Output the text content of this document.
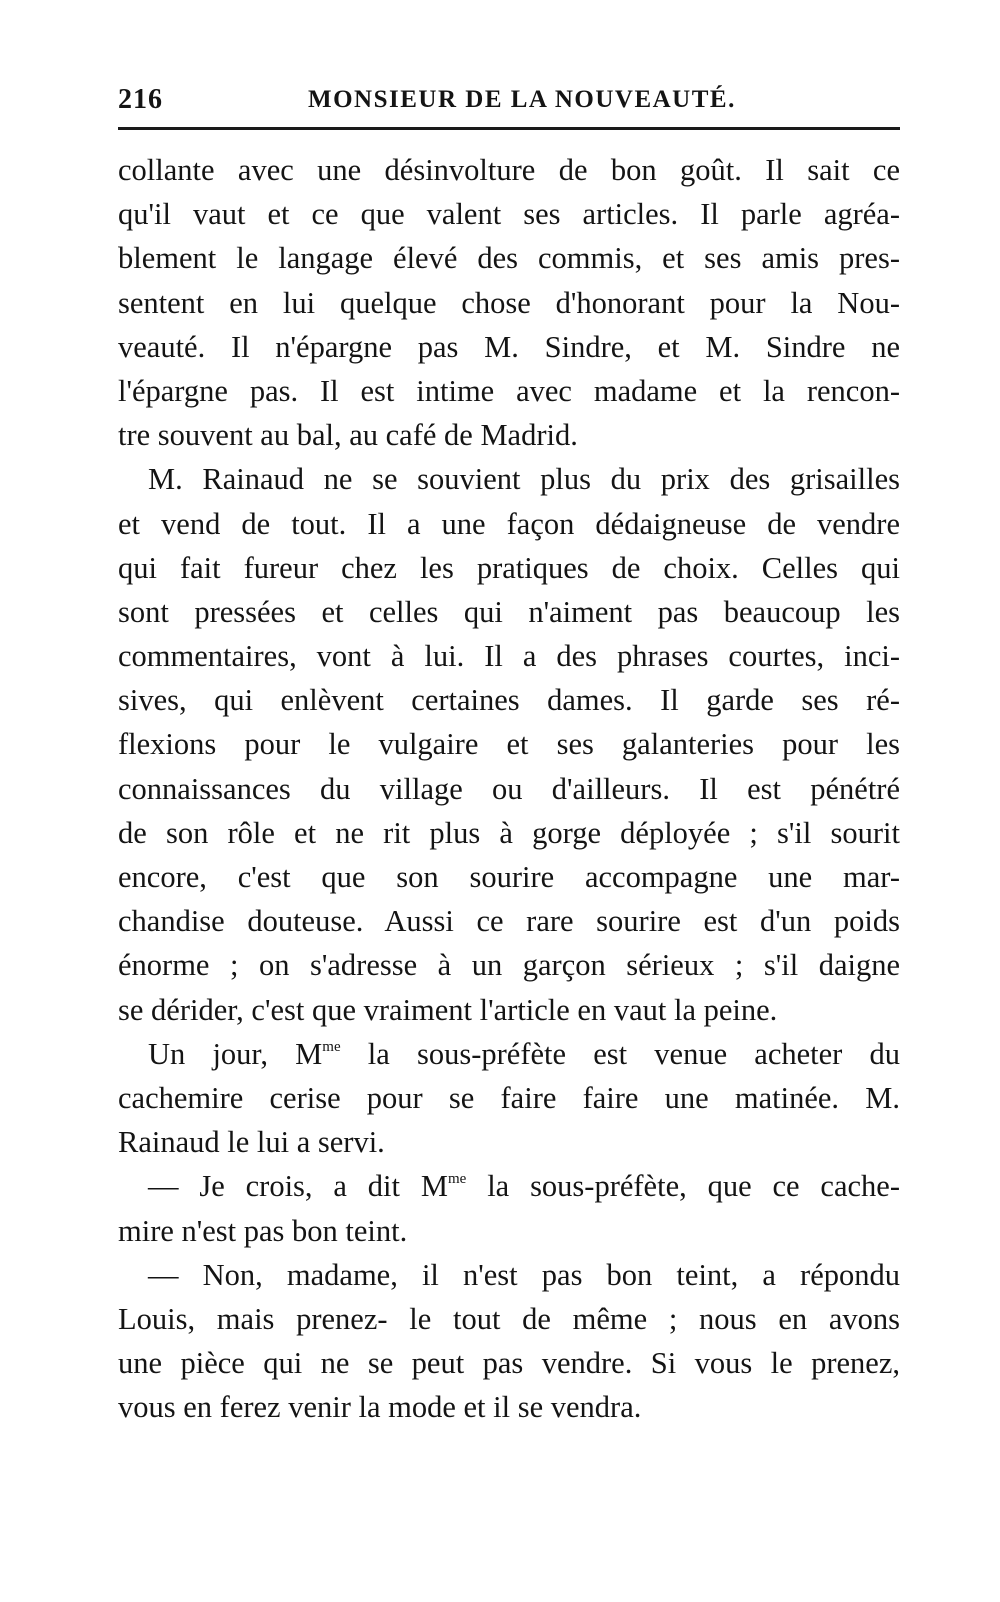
216	MONSIEUR DE LA NOUVEAUTÉ.
collante avec une désinvolture de bon goût. Il sait ce
qu'il vaut et ce que valent ses articles. Il parle agréa-
blement le langage élevé des commis, et ses amis pres-
sentent en lui quelque chose d'honorant pour la Nou-
veauté. Il n'épargne pas M. Sindre, et M. Sindre ne
l'épargne pas. Il est intime avec madame et la rencon-
tre souvent au bal, au café de Madrid.
M. Rainaud ne se souvient plus du prix des grisailles
et vend de tout. Il a une façon dédaigneuse de vendre
qui fait fureur chez les pratiques de choix. Celles qui
sont pressées et celles qui n'aiment pas beaucoup les
commentaires, vont à lui. Il a des phrases courtes, inci-
sives, qui enlèvent certaines dames. Il garde ses ré-
flexions pour le vulgaire et ses galanteries pour les
connaissances du village ou d'ailleurs. Il est pénétré
de son rôle et ne rit plus à gorge déployée ; s'il sourit
encore, c'est que son sourire accompagne une mar-
chandise douteuse. Aussi ce rare sourire est d'un poids
énorme ; on s'adresse à un garçon sérieux ; s'il daigne
se dérider, c'est que vraiment l'article en vaut la peine.
Un jour, $M^{me}$ la sous-préfète est venue acheter du
cachemire cerise pour se faire faire une matinée. M.
Rainaud le lui a servi.
— Je crois, a dit $M^{me}$ la sous-préfète, que ce cache-
mire n'est pas bon teint.
— Non, madame, il n'est pas bon teint, a répondu
Louis, mais prenez- le tout de même ; nous en avons
une pièce qui ne se peut pas vendre. Si vous le prenez,
vous en ferez venir la mode et il se vendra.
